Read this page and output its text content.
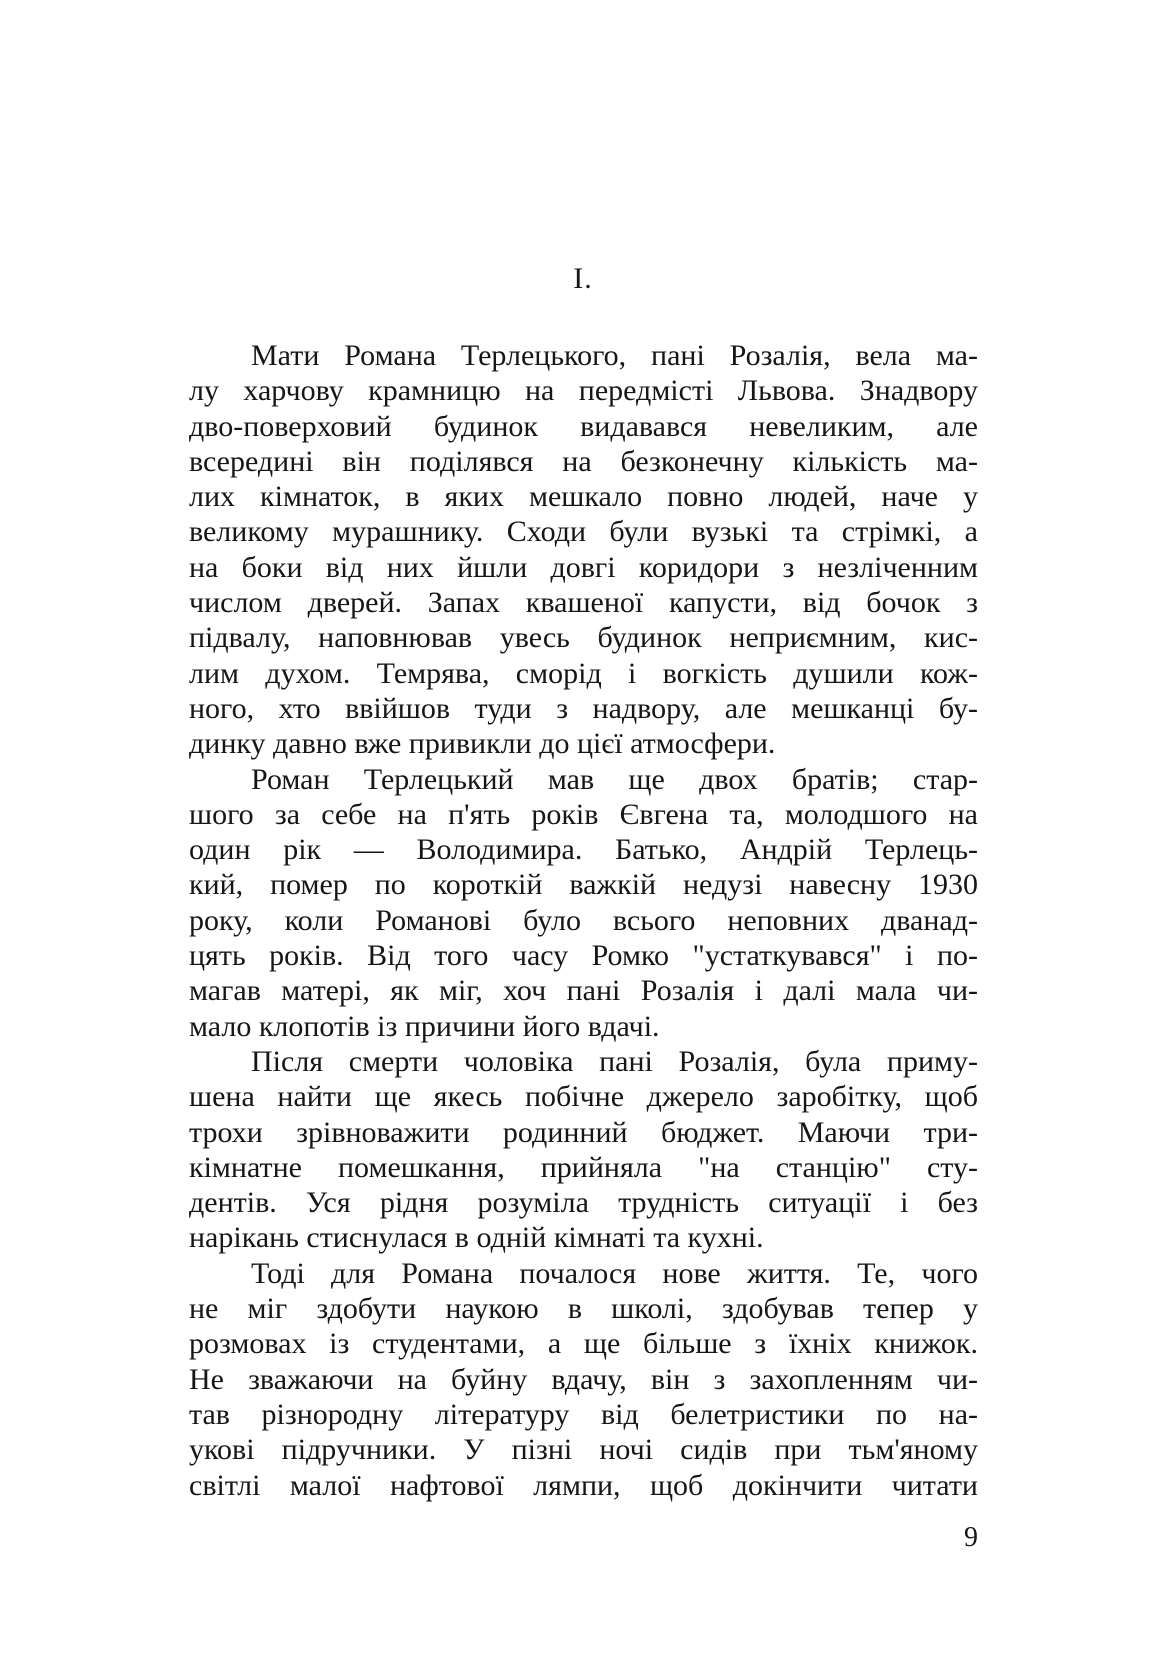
I.
Мати Романа Терлецького, пані Розалія, вела ма-
лу харчову крамницю на передмісті Львова. Знадвору
дво-поверховий будинок видавався невеликим, але
всередині він поділявся на безконечну кількість ма-
лих кімнаток, в яких мешкало повно людей, наче у
великому мурашнику. Сходи були вузькі та стрімкі, а
на боки від них йшли довгі коридори з незліченним
числом дверей. Запах квашеної капусти, від бочок з
підвалу, наповнював увесь будинок неприємним, кис-
лим духом. Темрява, сморід і вогкість душили кож-
ного, хто ввійшов туди з надвору, але мешканці бу-
динку давно вже привикли до цієї атмосфери.
Роман Терлецький мав ще двох братів; стар-
шого за себе на п'ять років Євгена та, молодшого на
один рік — Володимира. Батько, Андрій Терлець-
кий, помер по короткій важкій недузі навесну 1930
року, коли Романові було всього неповних дванад-
цять років. Від того часу Ромко "устаткувався" і по-
магав матері, як міг, хоч пані Розалія і далі мала чи-
мало клопотів із причини його вдачі.
Після смерти чоловіка пані Розалія, була приму-
шена найти ще якесь побічне джерело заробітку, щоб
трохи зрівноважити родинний бюджет. Маючи три-
кімнатне помешкання, прийняла "на станцію" сту-
дентів. Уся рідня розуміла трудність ситуації і без
нарікань стиснулася в одній кімнаті та кухні.
Тоді для Романа почалося нове життя. Те, чого
не міг здобути наукою в школі, здобував тепер у
розмовах із студентами, а ще більше з їхніх книжок.
Не зважаючи на буйну вдачу, він з захопленням чи-
тав різнородну літературу від белетристики по на-
укові підручники. У пізні ночі сидів при тьм'яному
світлі малої нафтової лямпи, щоб докінчити читати
9
